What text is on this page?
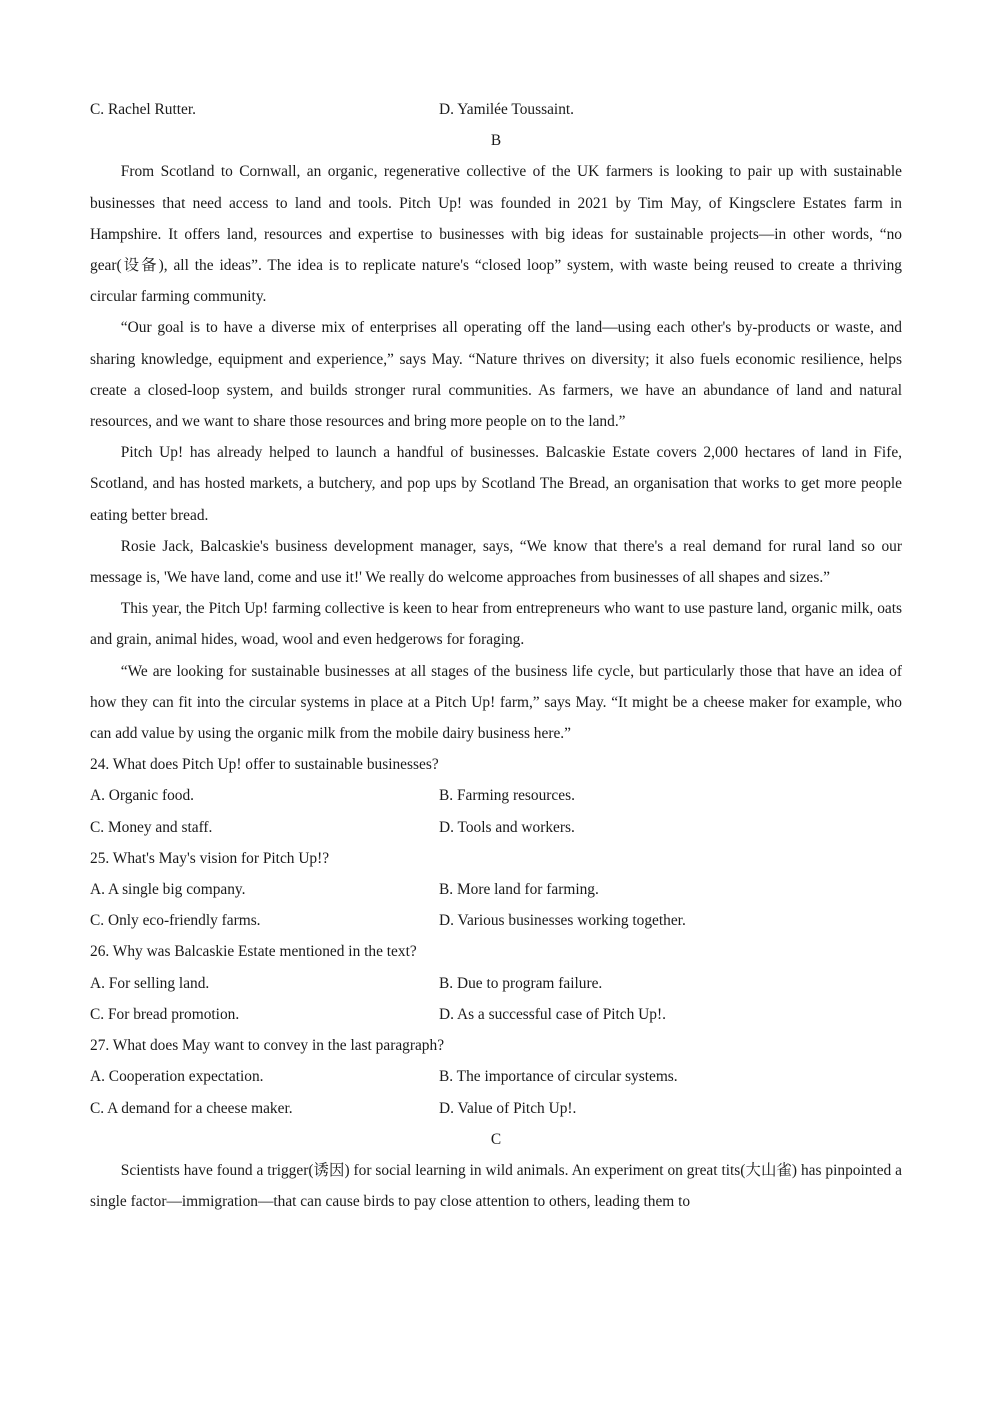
C. Rachel Rutter.	D. Yamilée Toussaint.

B

From Scotland to Cornwall, an organic, regenerative collective of the UK farmers is looking to pair up with sustainable businesses that need access to land and tools. Pitch Up! was founded in 2021 by Tim May, of Kingsclere Estates farm in Hampshire. It offers land, resources and expertise to businesses with big ideas for sustainable projects—in other words, “no gear(设备), all the ideas”. The idea is to replicate nature's “closed loop” system, with waste being reused to create a thriving circular farming community.

“Our goal is to have a diverse mix of enterprises all operating off the land—using each other's by-products or waste, and sharing knowledge, equipment and experience,” says May. “Nature thrives on diversity; it also fuels economic resilience, helps create a closed-loop system, and builds stronger rural communities. As farmers, we have an abundance of land and natural resources, and we want to share those resources and bring more people on to the land.”

Pitch Up! has already helped to launch a handful of businesses. Balcaskie Estate covers 2,000 hectares of land in Fife, Scotland, and has hosted markets, a butchery, and pop ups by Scotland The Bread, an organisation that works to get more people eating better bread.

Rosie Jack, Balcaskie's business development manager, says, “We know that there's a real demand for rural land so our message is, 'We have land, come and use it!' We really do welcome approaches from businesses of all shapes and sizes.”

This year, the Pitch Up! farming collective is keen to hear from entrepreneurs who want to use pasture land, organic milk, oats and grain, animal hides, woad, wool and even hedgerows for foraging.

“We are looking for sustainable businesses at all stages of the business life cycle, but particularly those that have an idea of how they can fit into the circular systems in place at a Pitch Up! farm,” says May. “It might be a cheese maker for example, who can add value by using the organic milk from the mobile dairy business here.”

24. What does Pitch Up! offer to sustainable businesses?

A. Organic food.	B. Farming resources.
C. Money and staff.	D. Tools and workers.

25. What's May's vision for Pitch Up!?

A. A single big company.	B. More land for farming.
C. Only eco-friendly farms.	D. Various businesses working together.

26. Why was Balcaskie Estate mentioned in the text?

A. For selling land.	B. Due to program failure.
C. For bread promotion.	D. As a successful case of Pitch Up!.

27. What does May want to convey in the last paragraph?

A. Cooperation expectation.	B. The importance of circular systems.
C. A demand for a cheese maker.	D. Value of Pitch Up!.

C

Scientists have found a trigger(诱因) for social learning in wild animals. An experiment on great tits(大山雀) has pinpointed a single factor—immigration—that can cause birds to pay close attention to others, leading them to
